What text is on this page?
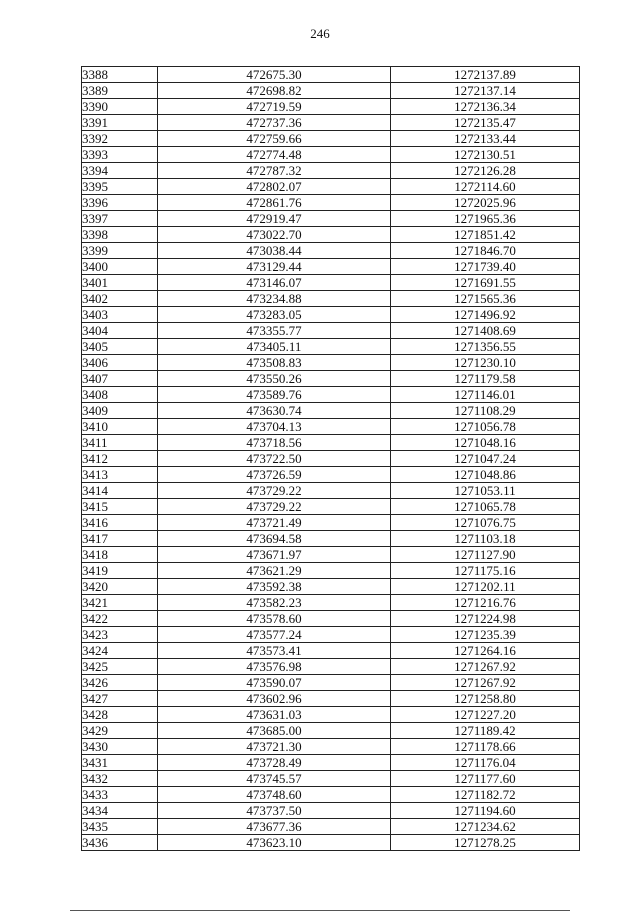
246
3388	472675.30	1272137.89
3389	472698.82	1272137.14
3390	472719.59	1272136.34
3391	472737.36	1272135.47
3392	472759.66	1272133.44
3393	472774.48	1272130.51
3394	472787.32	1272126.28
3395	472802.07	1272114.60
3396	472861.76	1272025.96
3397	472919.47	1271965.36
3398	473022.70	1271851.42
3399	473038.44	1271846.70
3400	473129.44	1271739.40
3401	473146.07	1271691.55
3402	473234.88	1271565.36
3403	473283.05	1271496.92
3404	473355.77	1271408.69
3405	473405.11	1271356.55
3406	473508.83	1271230.10
3407	473550.26	1271179.58
3408	473589.76	1271146.01
3409	473630.74	1271108.29
3410	473704.13	1271056.78
3411	473718.56	1271048.16
3412	473722.50	1271047.24
3413	473726.59	1271048.86
3414	473729.22	1271053.11
3415	473729.22	1271065.78
3416	473721.49	1271076.75
3417	473694.58	1271103.18
3418	473671.97	1271127.90
3419	473621.29	1271175.16
3420	473592.38	1271202.11
3421	473582.23	1271216.76
3422	473578.60	1271224.98
3423	473577.24	1271235.39
3424	473573.41	1271264.16
3425	473576.98	1271267.92
3426	473590.07	1271267.92
3427	473602.96	1271258.80
3428	473631.03	1271227.20
3429	473685.00	1271189.42
3430	473721.30	1271178.66
3431	473728.49	1271176.04
3432	473745.57	1271177.60
3433	473748.60	1271182.72
3434	473737.50	1271194.60
3435	473677.36	1271234.62
3436	473623.10	1271278.25
